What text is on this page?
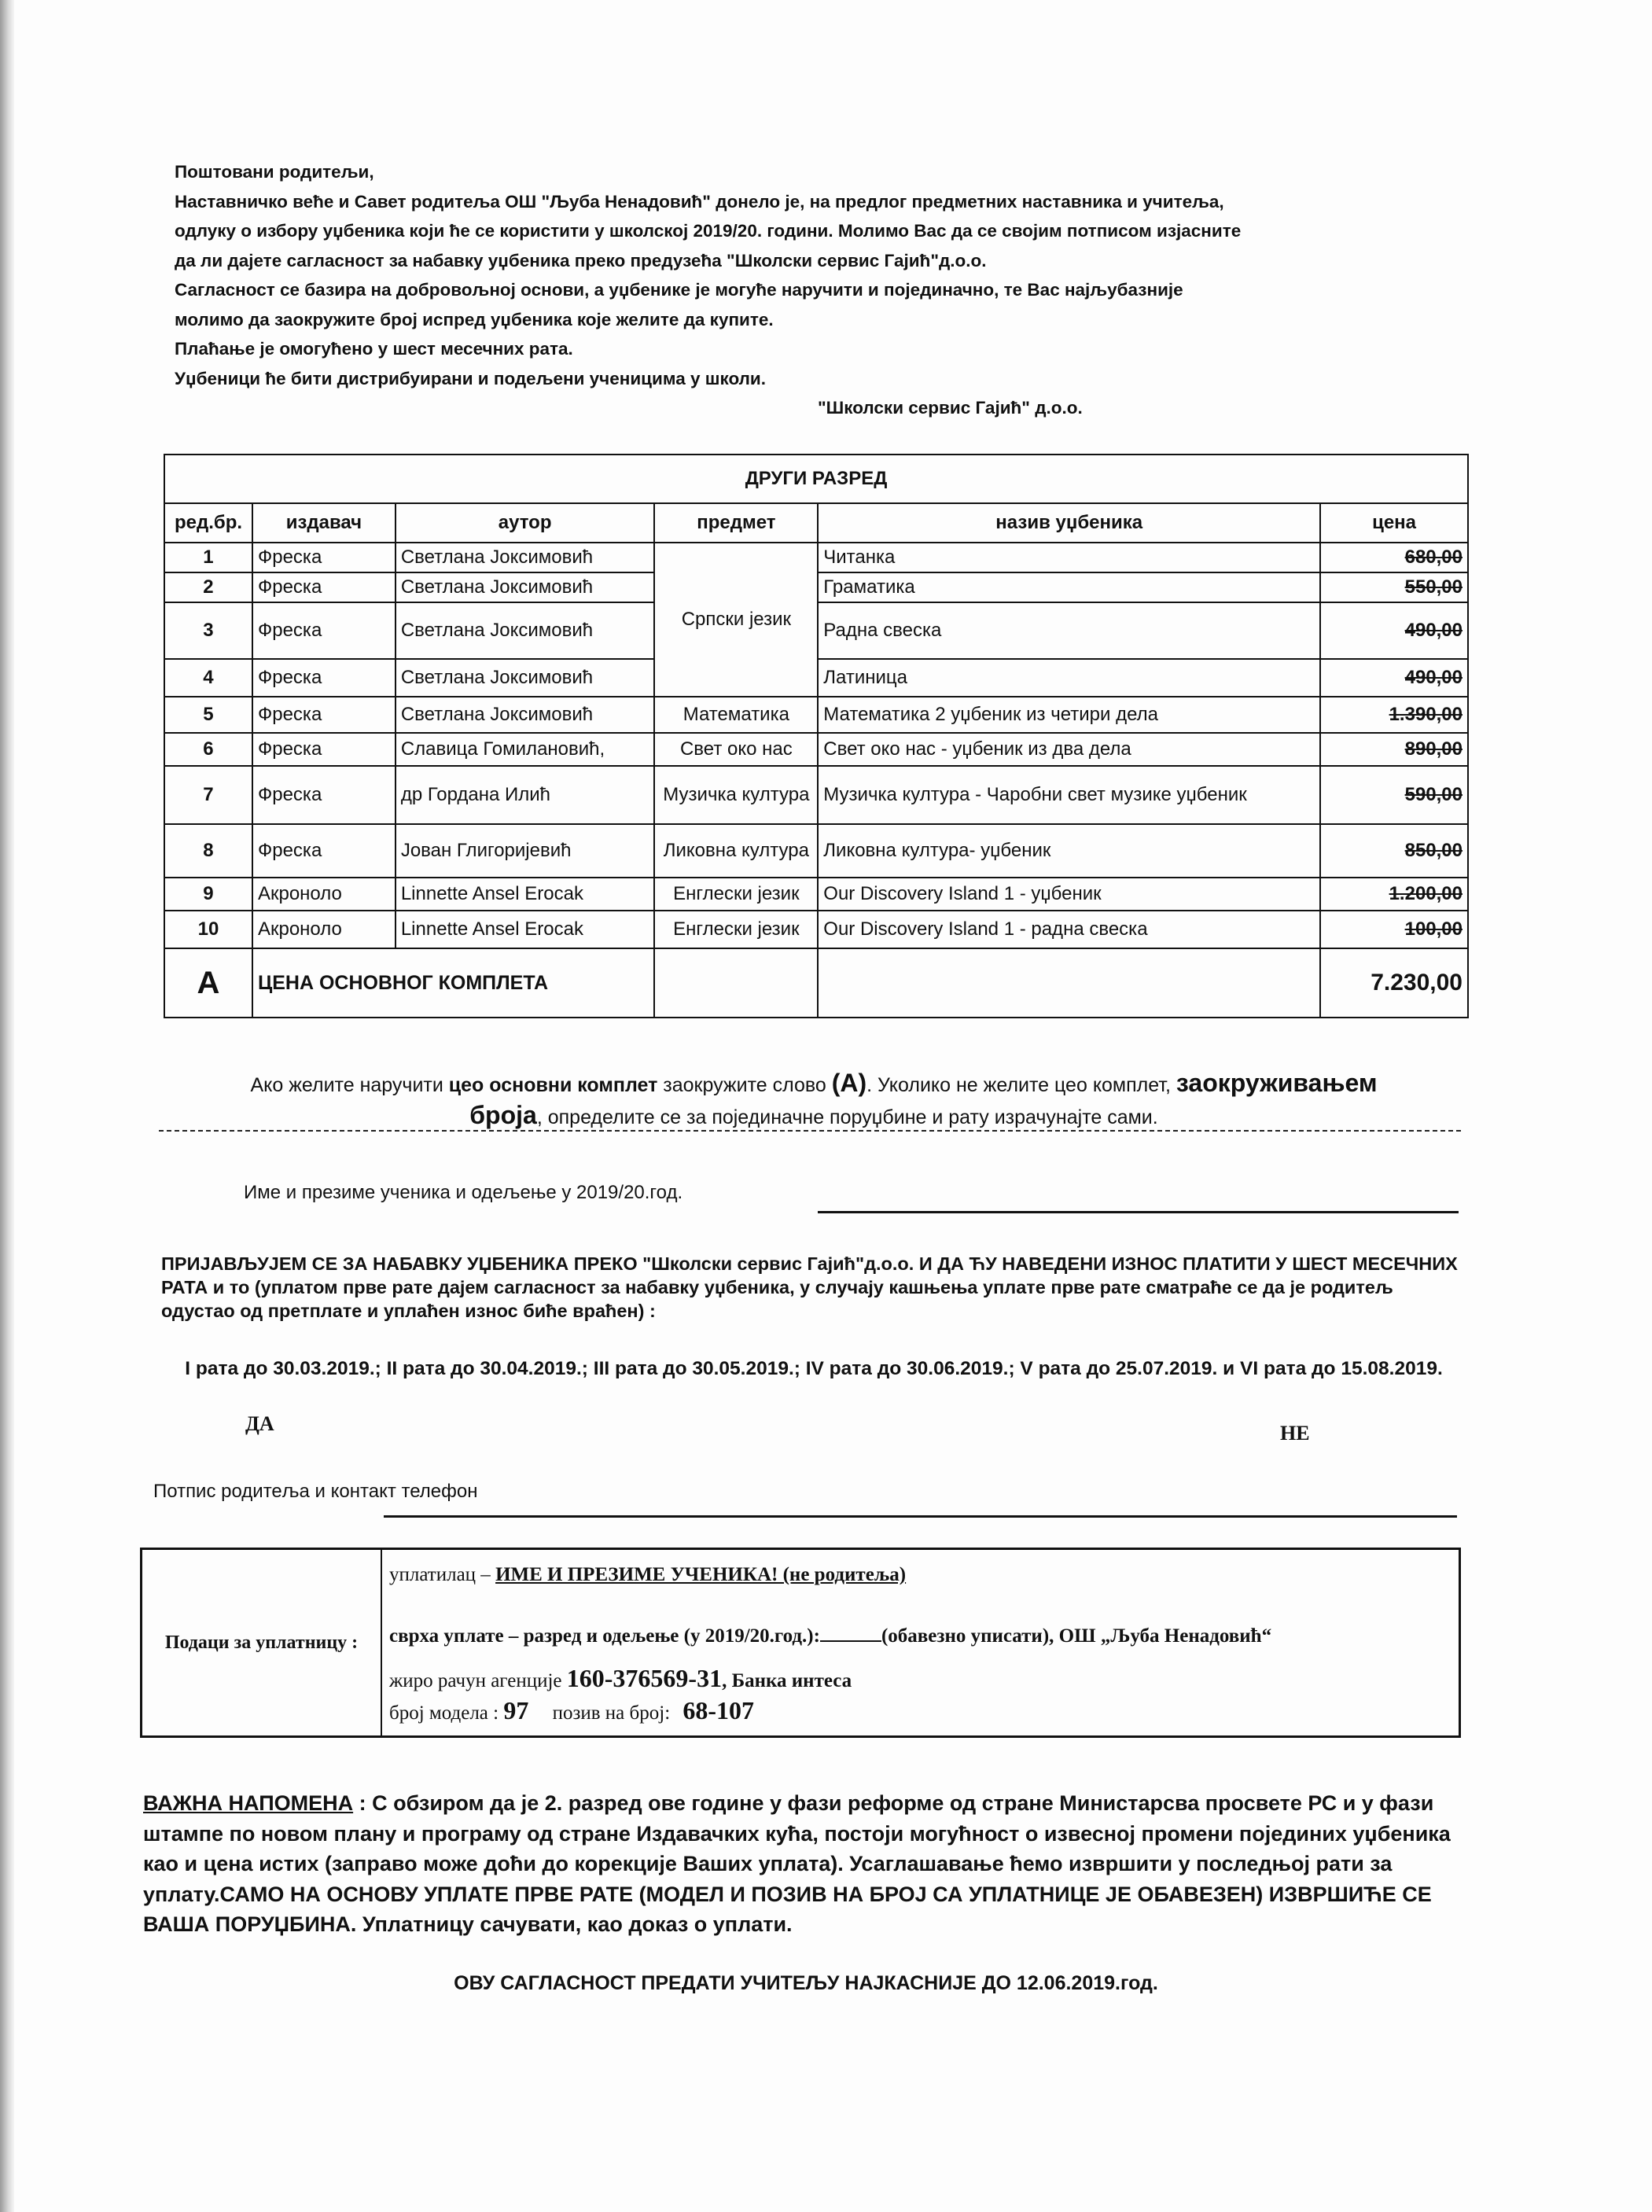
Поштовани родитељи,
Наставничко веће и Савет родитеља ОШ "Љуба Ненадовић" донело је, на предлог предметних наставника и учитеља,
одлуку о избору уџбеника који ће се користити у школској 2019/20. години. Молимо Вас да се својим потписом изјасните
да ли дајете сагласност за набавку уџбеника преко предузећа "Школски сервис Гајић"д.о.о.
Сагласност се базира на добровољној основи, а уџбенике је могуће наручити и појединачно, те Вас најљубазније
молимо да заокружите број испред уџбеника које желите да купите.
Плаћање је омогућено у шест месечних рата.
Уџбеници ће бити дистрибуирани и подељени ученицима у школи.
"Школски сервис Гајић" д.о.о.
ДРУГИ РАЗРЕД					
ред.бр.	издавач	аутор	предмет	назив уџбеника	цена
1	Фреска	Светлана Јоксимовић	Српски језик	Читанка	680,00
2	Фреска	Светлана Јоксимовић		Граматика	550,00
3	Фреска	Светлана Јоксимовић		Радна свеска	490,00
4	Фреска	Светлана Јоксимовић		Латиница	490,00
5	Фреска	Светлана Јоксимовић	Математика	Математика 2 уџбеник из четири дела	1.390,00
6	Фреска	Славица Гомилановић,	Свет око нас	Свет око нас - уџбеник из два дела	890,00
7	Фреска	др Гордана Илић	Музичка култура	Музичка култура - Чаробни свет музике уџбеник	590,00
8	Фреска	Јован Глигоријевић	Ликовна култура	Ликовна култура- уџбеник	850,00
9	Акроноло	Linnette Ansel Erocak	Енглески језик	Our Discovery Island 1 - уџбеник	1.200,00
10	Акроноло	Linnette Ansel Erocak	Енглески језик	Our Discovery Island 1 - радна свеска	100,00
А	ЦЕНА ОСНОВНОГ КОМПЛЕТА				7.230,00
Ако желите наручити цео основни комплет заокружите слово (А). Уколико не желите цео комплет, заокруживањем
броја, определите се за појединачне поруџбине и рату израчунајте сами.
Име и презиме ученика и одељење у 2019/20.год.
ПРИЈАВЉУЈЕМ СЕ ЗА НАБАВКУ УЏБЕНИКА ПРЕКО "Школски сервис Гајић"д.о.о. И ДА ЋУ НАВЕДЕНИ ИЗНОС ПЛАТИТИ У ШЕСТ МЕСЕЧНИХ РАТА и то (уплатом прве рате дајем сагласност за набавку уџбеника, у случају кашњења уплате прве рате сматраће се да је родитељ одустао од претплате и уплаћен износ биће враћен) :
I рата до 30.03.2019.; II рата до 30.04.2019.; III рата до 30.05.2019.; IV рата до 30.06.2019.; V рата до 25.07.2019. и VI рата до 15.08.2019.
ДА	НЕ
Потпис родитеља и контакт телефон
Подаци за уплатницу :
уплатилац – ИМЕ И ПРЕЗИМЕ УЧЕНИКА! (не родитеља)
сврха уплате – разред и одељење (у 2019/20.год.):	(обавезно уписати), ОШ „Љуба Ненадовић“
жиро рачун агенције 160-376569-31, Банка интеса
број модела : 97 позив на број: 68-107
ВАЖНА НАПОМЕНА : С обзиром да је 2. разред ове године у фази реформе од стране Министарсва просвете РС и у фази штампе по новом плану и програму од стране Издавачких кућа, постоји могућност о извесној промени појединих уџбеника као и цена истих (заправо може доћи до корекције Ваших уплата). Усаглашавање ћемо извршити у последњој рати за уплату.САМО НА ОСНОВУ УПЛАТЕ ПРВЕ РАТЕ (МОДЕЛ И ПОЗИВ НА БРОЈ СА УПЛАТНИЦЕ ЈЕ ОБАВЕЗЕН) ИЗВРШИЋЕ СЕ ВАША ПОРУЏБИНА. Уплатницу сачувати, као доказ о уплати.
ОВУ САГЛАСНОСТ ПРЕДАТИ УЧИТЕЉУ НАЈКАСНИЈЕ ДО 12.06.2019.год.
